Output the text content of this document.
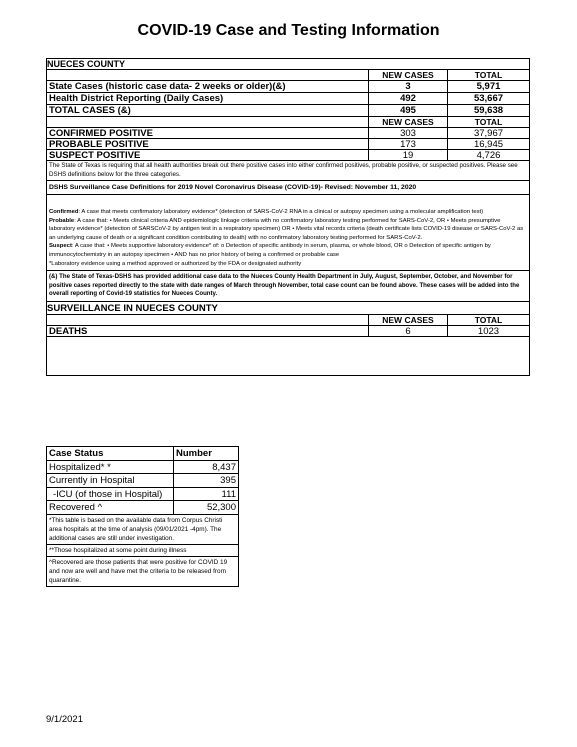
COVID-19 Case and Testing Information
NUECES COUNTY
NEW CASES	TOTAL
State Cases (historic case data- 2 weeks or older)(&)	3	5,971
Health District Reporting (Daily Cases)	492	53,667
TOTAL CASES (&)	495	59,638
NEW CASES	TOTAL
CONFIRMED POSITIVE	303	37,967
PROBABLE POSITIVE	173	16,945
SUSPECT POSITIVE	19	4,726
The State of Texas is requiring that all health authorities break out there positive cases into either confirmed positives, probable positive, or suspected positives. Please see DSHS definitions below for the three categories.
DSHS Surveillance Case Definitions for 2019 Novel Coronavirus Disease (COVID-19)- Revised: November 11, 2020

Confirmed: A case that meets confirmatory laboratory evidence* (detection of SARS-CoV-2 RNA in a clinical or autopsy specimen using a molecular amplification test)

Probable: A case that: • Meets clinical criteria AND epidemiologic linkage criteria with no confirmatory laboratory testing performed for SARS-CoV-2, OR • Meets presumptive laboratory evidence* (detection of SARSCoV-2 by antigen test in a respiratory specimen) OR • Meets vital records criteria (death certificate lists COVID-19 disease or SARS-CoV-2 as an underlying cause of death or a significant condition contributing to death) with no confirmatory laboratory testing performed for SARS-CoV-2.

Suspect: A case that: • Meets supportive laboratory evidence* of: o Detection of specific antibody in serum, plasma, or whole blood, OR o Detection of specific antigen by immunocytochemistry in an autopsy specimen • AND has no prior history of being a confirmed or probable case

*Laboratory evidence using a method approved or authorized by the FDA or designated authority

(&) The State of Texas-DSHS has provided additional case data to the Nueces County Health Department in July, August, September, October, and November for positive cases reported directly to the state with date ranges of March through November, total case count can be found above. These cases will be added into the overall reporting of Covid-19 statistics for Nueces County.
SURVEILLANCE IN NUECES COUNTY
NEW CASES	TOTAL
DEATHS	6	1023
Case Status	Number
Hospitalized* *	8,437
Currently in Hospital	395
-ICU (of those in Hospital)	111
Recovered ^	52,300
*This table is based on the available data from Corpus Christi area hospitals at the time of analysis (09/01/2021 -4pm). The additional cases are still under investigation.
**Those hospitalized at some point during illness
^Recovered are those patients that were positive for COVID 19 and now are well and have met the criteria to be released from quarantine.
9/1/2021
